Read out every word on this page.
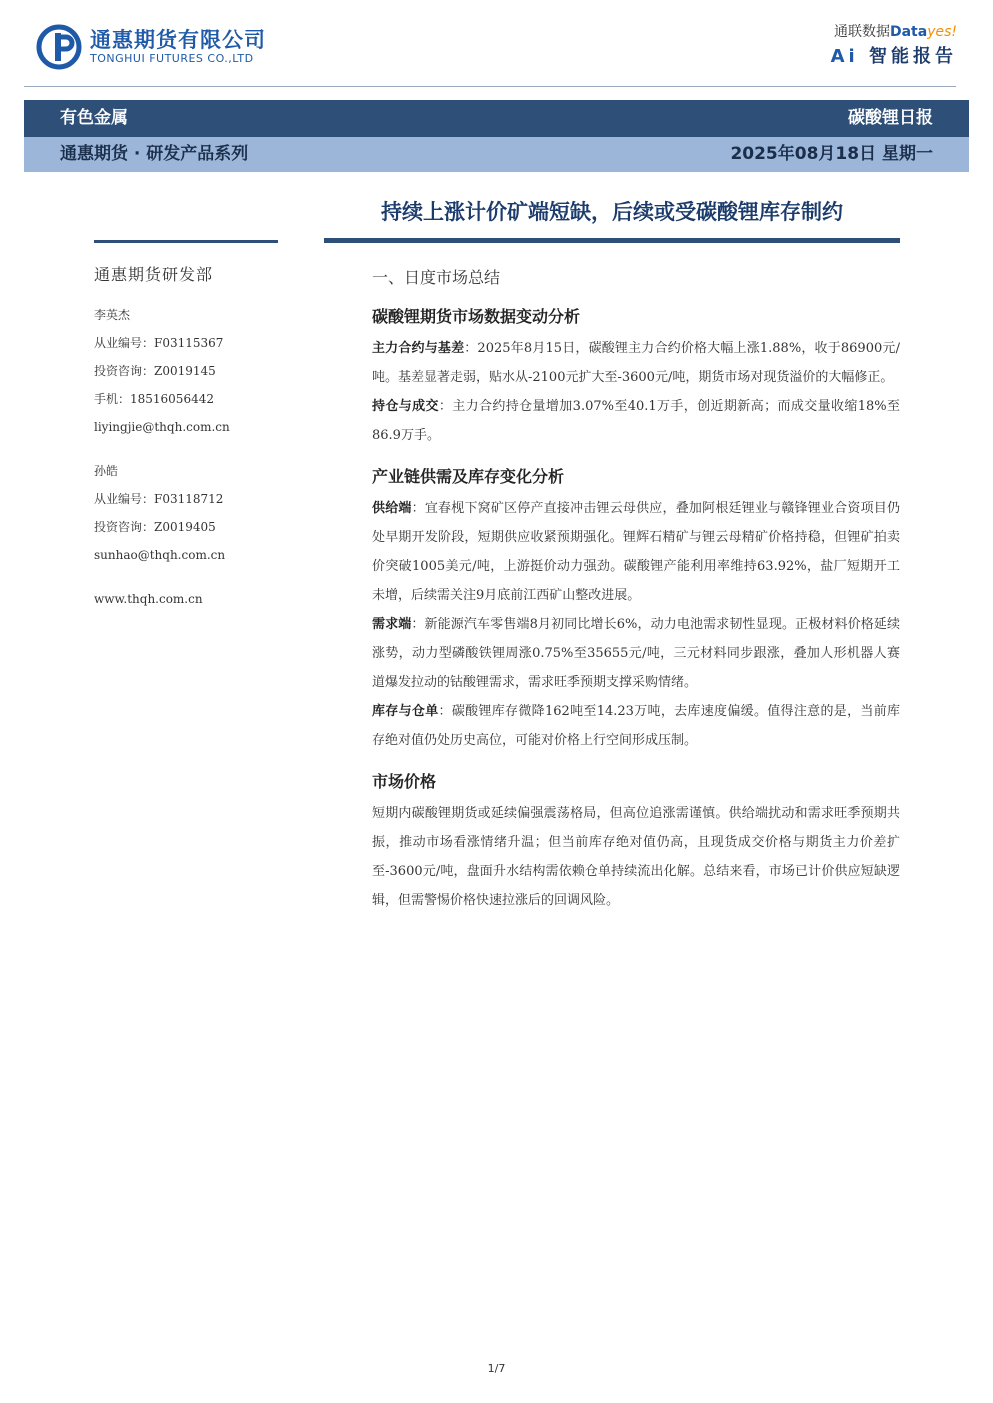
通惠期货有限公司
TONGHUI FUTURES CO.,LTD
通联数据Datayes!
Ai 智能报告
有色金属	碳酸锂日报
通惠期货 · 研发产品系列	2025年08月18日 星期一
持续上涨计价矿端短缺，后续或受碳酸锂库存制约
通惠期货研发部
李英杰
从业编号：F03115367
投资咨询：Z0019145
手机：18516056442
liyingjie@thqh.com.cn
孙皓
从业编号：F03118712
投资咨询：Z0019405
sunhao@thqh.com.cn
www.thqh.com.cn
一、日度市场总结
碳酸锂期货市场数据变动分析

主力合约与基差：2025年8月15日，碳酸锂主力合约价格大幅上涨1.88%，收于86900元/吨。基差显著走弱，贴水从-2100元扩大至-3600元/吨，期货市场对现货溢价的大幅修正。

持仓与成交：主力合约持仓量增加3.07%至40.1万手，创近期新高；而成交量收缩18%至86.9万手。

产业链供需及库存变化分析

供给端：宜春枧下窝矿区停产直接冲击锂云母供应，叠加阿根廷锂业与赣锋锂业合资项目仍处早期开发阶段，短期供应收紧预期强化。锂辉石精矿与锂云母精矿价格持稳，但锂矿拍卖价突破1005美元/吨，上游挺价动力强劲。碳酸锂产能利用率维持63.92%，盐厂短期开工未增，后续需关注9月底前江西矿山整改进展。

需求端：新能源汽车零售端8月初同比增长6%，动力电池需求韧性显现。正极材料价格延续涨势，动力型磷酸铁锂周涨0.75%至35655元/吨，三元材料同步跟涨，叠加人形机器人赛道爆发拉动的钴酸锂需求，需求旺季预期支撑采购情绪。

库存与仓单：碳酸锂库存微降162吨至14.23万吨，去库速度偏缓。值得注意的是，当前库存绝对值仍处历史高位，可能对价格上行空间形成压制。

市场价格

短期内碳酸锂期货或延续偏强震荡格局，但高位追涨需谨慎。供给端扰动和需求旺季预期共振，推动市场看涨情绪升温；但当前库存绝对值仍高，且现货成交价格与期货主力价差扩至-3600元/吨，盘面升水结构需依赖仓单持续流出化解。总结来看，市场已计价供应短缺逻辑，但需警惕价格快速拉涨后的回调风险。

1/7
